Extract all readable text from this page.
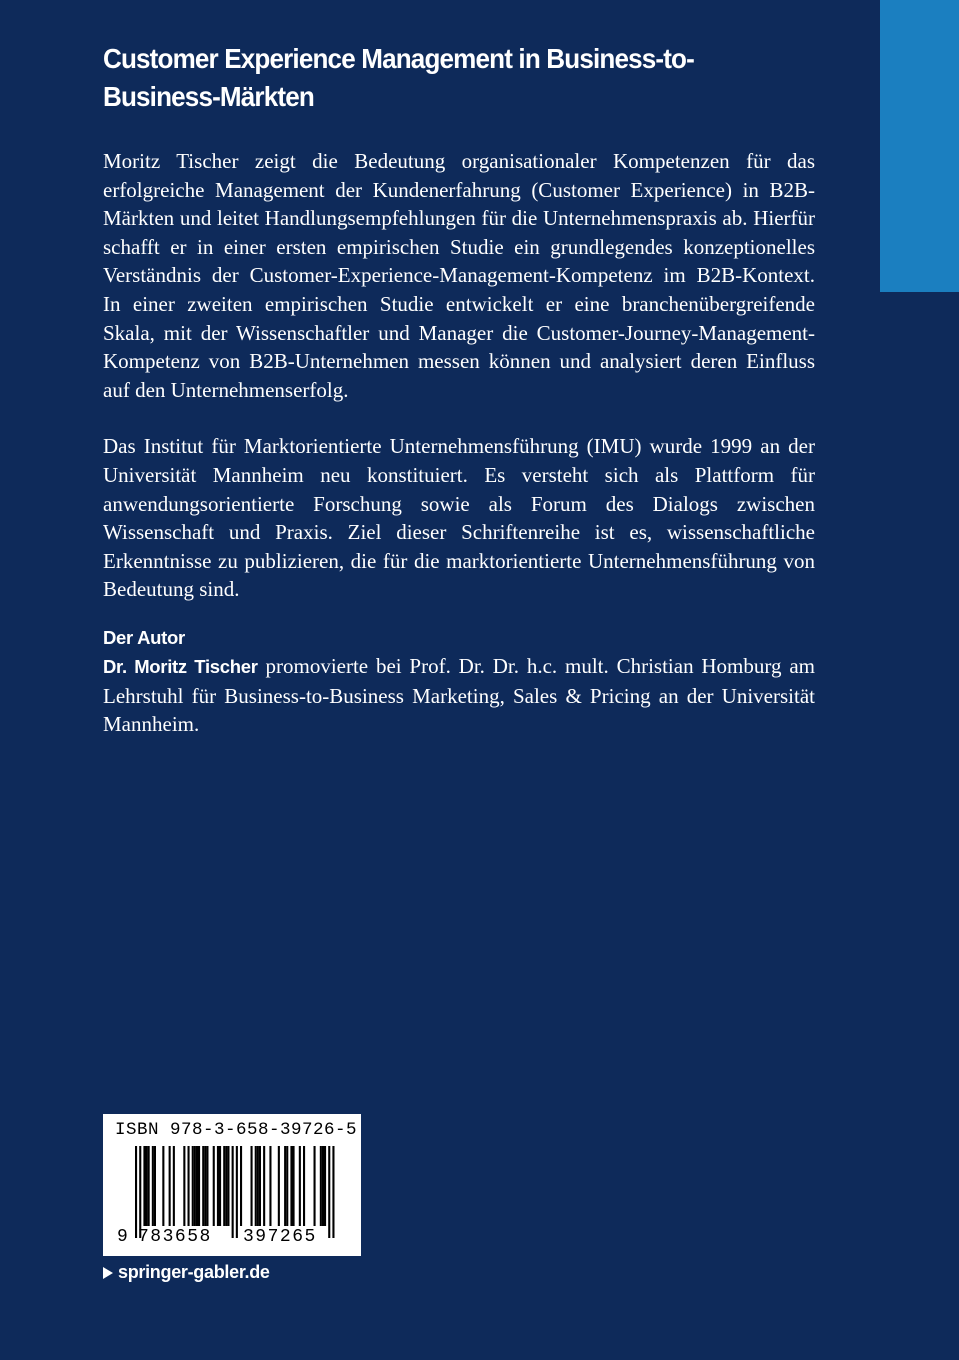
Customer Experience Management in Business-to-Business-Märkten

Moritz Tischer zeigt die Bedeutung organisationaler Kompetenzen für das erfolgreiche Management der Kundenerfahrung (Customer Experience) in B2B-Märkten und leitet Handlungsempfehlungen für die Unternehmenspraxis ab. Hierfür schafft er in einer ersten empirischen Studie ein grundlegendes konzeptionelles Verständnis der Customer-Experience-Management-Kompetenz im B2B-Kontext. In einer zweiten empirischen Studie entwickelt er eine branchenübergreifende Skala, mit der Wissenschaftler und Manager die Customer-Journey-Management-Kompetenz von B2B-Unternehmen messen können und analysiert deren Einfluss auf den Unternehmenserfolg.

Das Institut für Marktorientierte Unternehmensführung (IMU) wurde 1999 an der Universität Mannheim neu konstituiert. Es versteht sich als Plattform für anwendungsorientierte Forschung sowie als Forum des Dialogs zwischen Wissenschaft und Praxis. Ziel dieser Schriftenreihe ist es, wissenschaftliche Erkenntnisse zu publizieren, die für die marktorientierte Unternehmensführung von Bedeutung sind.

Der Autor

Dr. Moritz Tischer promovierte bei Prof. Dr. Dr. h.c. mult. Christian Homburg am Lehrstuhl für Business-to-Business Marketing, Sales & Pricing an der Universität Mannheim.

ISBN 978-3-658-39726-5
9 783658 397265
springer-gabler.de
